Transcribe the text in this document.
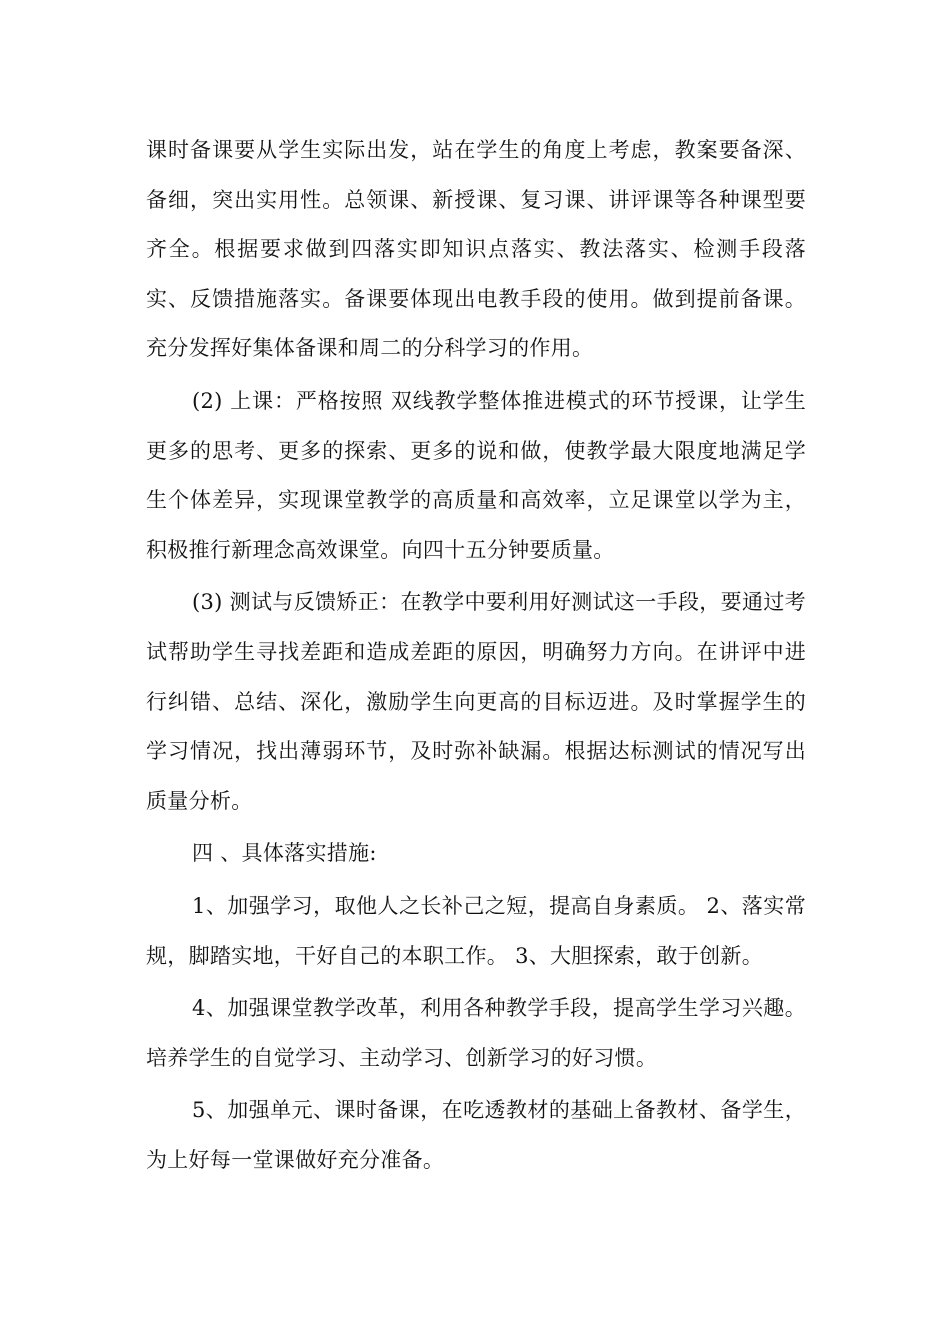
课时备课要从学生实际出发，站在学生的角度上考虑，教案要备深、备细，突出实用性。总领课、新授课、复习课、讲评课等各种课型要齐全。根据要求做到四落实即知识点落实、教法落实、检测手段落实、反馈措施落实。备课要体现出电教手段的使用。做到提前备课。充分发挥好集体备课和周二的分科学习的作用。

(2) 上课：严格按照 双线教学整体推进模式的环节授课，让学生更多的思考、更多的探索、更多的说和做，使教学最大限度地满足学生个体差异，实现课堂教学的高质量和高效率，立足课堂以学为主，积极推行新理念高效课堂。向四十五分钟要质量。

(3) 测试与反馈矫正：在教学中要利用好测试这一手段，要通过考试帮助学生寻找差距和造成差距的原因，明确努力方向。在讲评中进行纠错、总结、深化，激励学生向更高的目标迈进。及时掌握学生的学习情况，找出薄弱环节，及时弥补缺漏。根据达标测试的情况写出质量分析。

四 、具体落实措施:

1、加强学习，取他人之长补己之短，提高自身素质。 2、落实常规，脚踏实地，干好自己的本职工作。 3、大胆探索，敢于创新。

4、加强课堂教学改革，利用各种教学手段，提高学生学习兴趣。培养学生的自觉学习、主动学习、创新学习的好习惯。

5、加强单元、课时备课，在吃透教材的基础上备教材、备学生，为上好每一堂课做好充分准备。
